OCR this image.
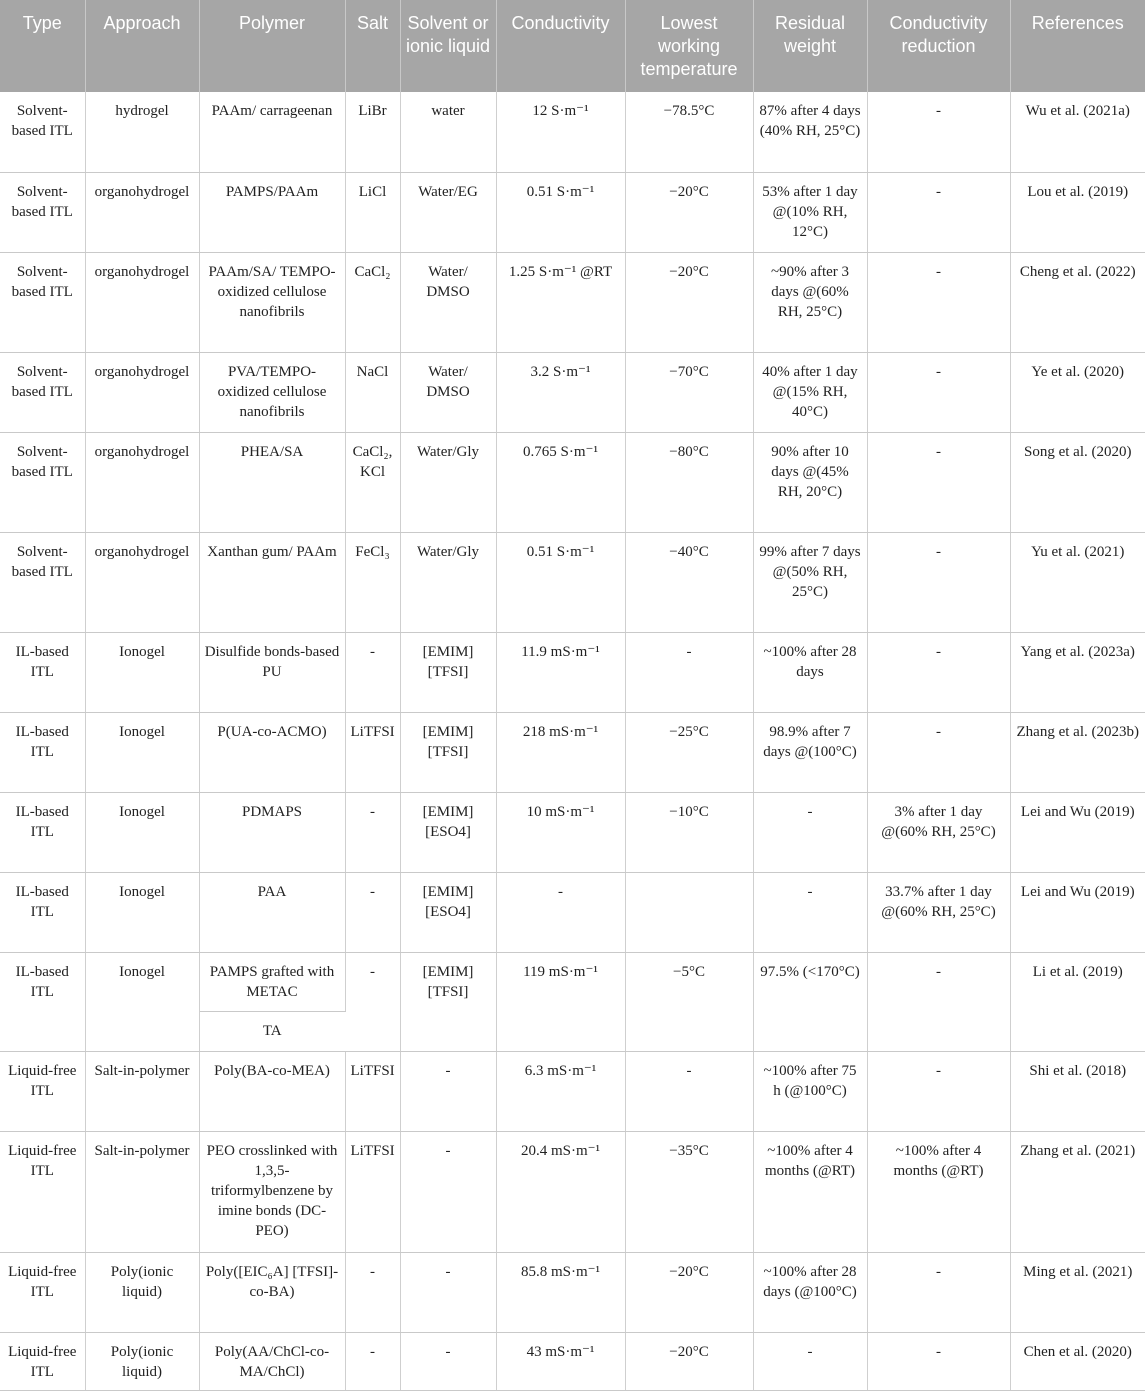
Type	Approach	Polymer	Salt	Solvent or ionic liquid	Conductivity	Lowest working temperature	Residual weight	Conductivity reduction	References
Solvent-based ITL	hydrogel	PAAm/ carrageenan	LiBr	water	12 S·m⁻¹	−78.5°C	87% after 4 days (40% RH, 25°C)	-	Wu et al. (2021a)
Solvent-based ITL	organohydrogel	PAMPS/PAAm	LiCl	Water/EG	0.51 S·m⁻¹	−20°C	53% after 1 day @(10% RH, 12°C)	-	Lou et al. (2019)
Solvent-based ITL	organohydrogel	PAAm/SA/ TEMPO-oxidized cellulose nanofibrils	CaCl₂	Water/ DMSO	1.25 S·m⁻¹ @RT	−20°C	~90% after 3 days @(60% RH, 25°C)	-	Cheng et al. (2022)
Solvent-based ITL	organohydrogel	PVA/TEMPO-oxidized cellulose nanofibrils	NaCl	Water/ DMSO	3.2 S·m⁻¹	−70°C	40% after 1 day @(15% RH, 40°C)	-	Ye et al. (2020)
Solvent-based ITL	organohydrogel	PHEA/SA	CaCl₂, KCl	Water/Gly	0.765 S·m⁻¹	−80°C	90% after 10 days @(45% RH, 20°C)	-	Song et al. (2020)
Solvent-based ITL	organohydrogel	Xanthan gum/ PAAm	FeCl₃	Water/Gly	0.51 S·m⁻¹	−40°C	99% after 7 days @(50% RH, 25°C)	-	Yu et al. (2021)
IL-based ITL	Ionogel	Disulfide bonds-based PU	-	[EMIM] [TFSI]	11.9 mS·m⁻¹	-	~100% after 28 days	-	Yang et al. (2023a)
IL-based ITL	Ionogel	P(UA-co-ACMO)	LiTFSI	[EMIM] [TFSI]	218 mS·m⁻¹	−25°C	98.9% after 7 days @(100°C)	-	Zhang et al. (2023b)
IL-based ITL	Ionogel	PDMAPS	-	[EMIM] [ESO4]	10 mS·m⁻¹	−10°C	-	3% after 1 day @(60% RH, 25°C)	Lei and Wu (2019)
IL-based ITL	Ionogel	PAA	-	[EMIM] [ESO4]	-		-	33.7% after 1 day @(60% RH, 25°C)	Lei and Wu (2019)
IL-based ITL	Ionogel	PAMPS grafted with METAC	-	[EMIM] [TFSI]	119 mS·m⁻¹	−5°C	97.5% (<170°C)	-	Li et al. (2019)
		TA							
Liquid-free ITL	Salt-in-polymer	Poly(BA-co-MEA)	LiTFSI	-	6.3 mS·m⁻¹	-	~100% after 75 h (@100°C)	-	Shi et al. (2018)
Liquid-free ITL	Salt-in-polymer	PEO crosslinked with 1,3,5-triformylbenzene by imine bonds (DC-PEO)	LiTFSI	-	20.4 mS·m⁻¹	−35°C	~100% after 4 months (@RT)	~100% after 4 months (@RT)	Zhang et al. (2021)
Liquid-free ITL	Poly(ionic liquid)	Poly([EIC₆A] [TFSI]-co-BA)	-	-	85.8 mS·m⁻¹	−20°C	~100% after 28 days (@100°C)	-	Ming et al. (2021)
Liquid-free ITL	Poly(ionic liquid)	Poly(AA/ChCl-co-MA/ChCl)	-	-	43 mS·m⁻¹	−20°C	-	-	Chen et al. (2020)
